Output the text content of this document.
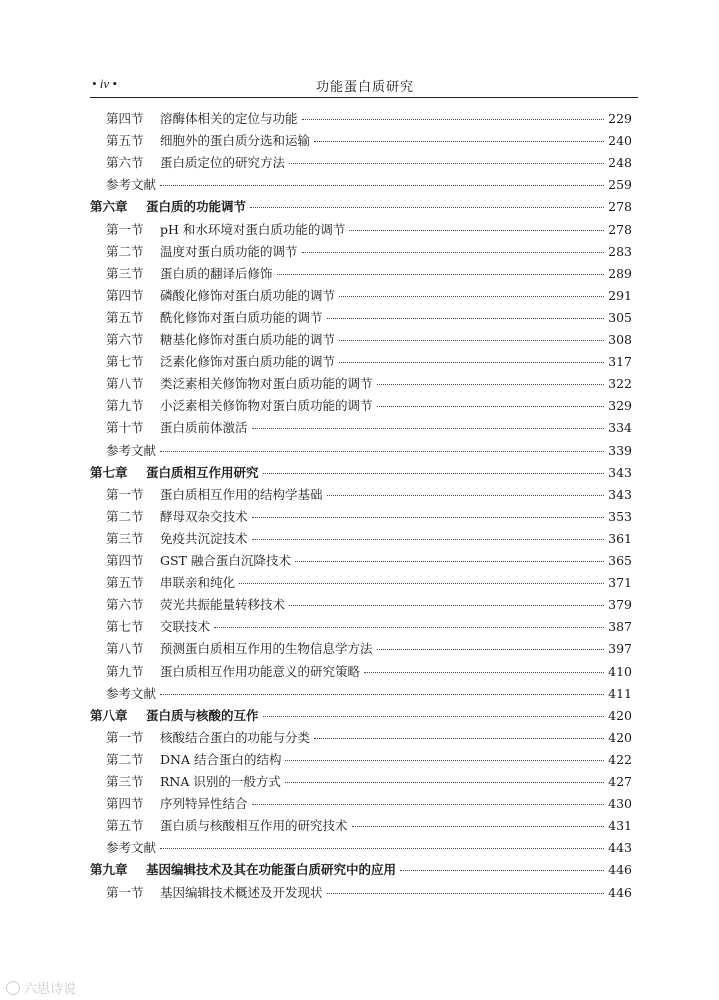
• iv •	功能蛋白质研究
第四节	溶酶体相关的定位与功能	229
第五节	细胞外的蛋白质分选和运输	240
第六节	蛋白质定位的研究方法	248
参考文献	259
第六章	蛋白质的功能调节	278
第一节	pH 和水环境对蛋白质功能的调节	278
第二节	温度对蛋白质功能的调节	283
第三节	蛋白质的翻译后修饰	289
第四节	磷酸化修饰对蛋白质功能的调节	291
第五节	酰化修饰对蛋白质功能的调节	305
第六节	糖基化修饰对蛋白质功能的调节	308
第七节	泛素化修饰对蛋白质功能的调节	317
第八节	类泛素相关修饰物对蛋白质功能的调节	322
第九节	小泛素相关修饰物对蛋白质功能的调节	329
第十节	蛋白质前体激活	334
参考文献	339
第七章	蛋白质相互作用研究	343
第一节	蛋白质相互作用的结构学基础	343
第二节	酵母双杂交技术	353
第三节	免疫共沉淀技术	361
第四节	GST 融合蛋白沉降技术	365
第五节	串联亲和纯化	371
第六节	荧光共振能量转移技术	379
第七节	交联技术	387
第八节	预测蛋白质相互作用的生物信息学方法	397
第九节	蛋白质相互作用功能意义的研究策略	410
参考文献	411
第八章	蛋白质与核酸的互作	420
第一节	核酸结合蛋白的功能与分类	420
第二节	DNA 结合蛋白的结构	422
第三节	RNA 识别的一般方式	427
第四节	序列特异性结合	430
第五节	蛋白质与核酸相互作用的研究技术	431
参考文献	443
第九章	基因编辑技术及其在功能蛋白质研究中的应用	446
第一节	基因编辑技术概述及开发现状	446
六思诗说
